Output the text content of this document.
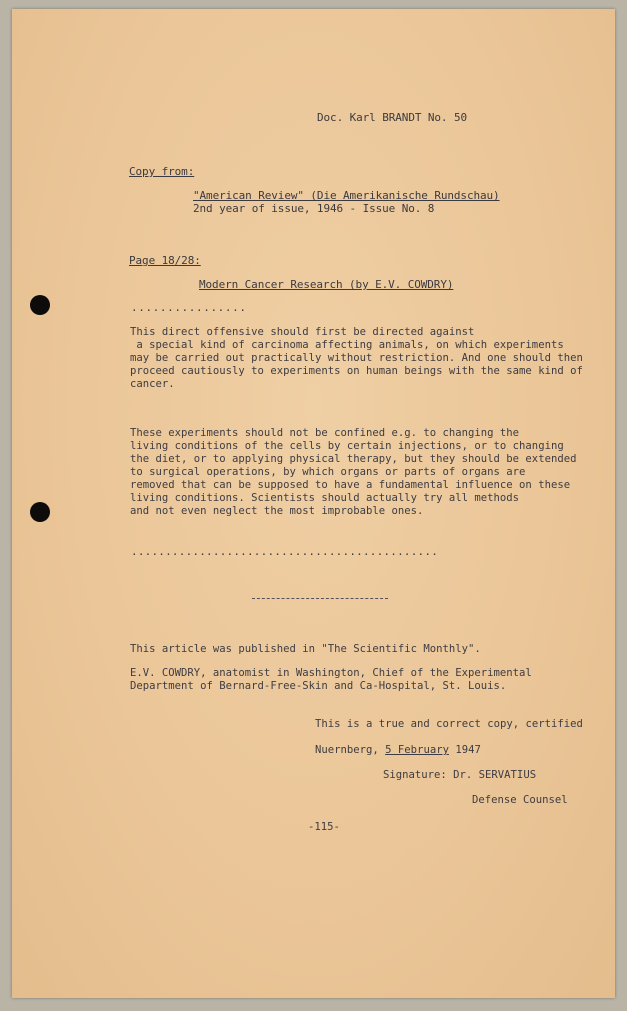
Doc. Karl BRANDT No. 50
Copy from:
"American Review" (Die Amerikanische Rundschau)
2nd year of issue, 1946 - Issue No. 8
Page 18/28:
Modern Cancer Research (by E.V. COWDRY)
................
This direct offensive should first be directed against
a special kind of carcinoma affecting animals, on which experiments
may be carried out practically without restriction. And one should then
proceed cautiously to experiments on human beings with the same kind of
cancer.
These experiments should not be confined e.g. to changing the
living conditions of the cells by certain injections, or to changing
the diet, or to applying physical therapy, but they should be extended
to surgical operations, by which organs or parts of organs are
removed that can be supposed to have a fundamental influence on these
living conditions. Scientists should actually try all methods
and not even neglect the most improbable ones.
.............................................
This article was published in "The Scientific Monthly".
E.V. COWDRY, anatomist in Washington, Chief of the Experimental
Department of Bernard-Free-Skin and Ca-Hospital, St. Louis.
This is a true and correct copy, certified
Nuernberg, 5 February 1947
Signature: Dr. SERVATIUS
Defense Counsel
-115-
